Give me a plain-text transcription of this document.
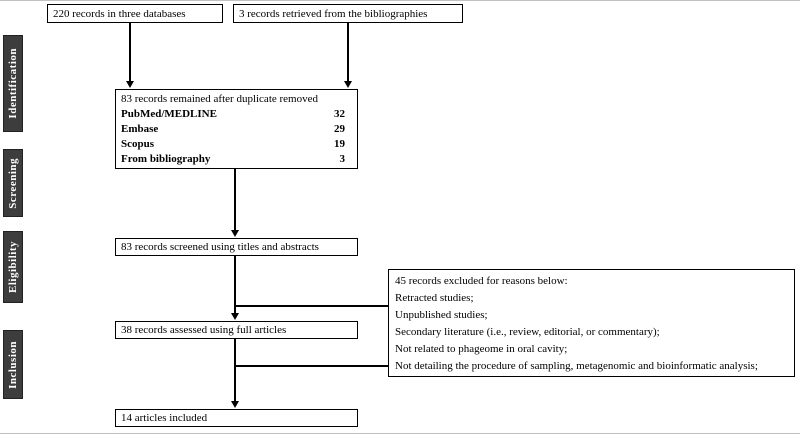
Identification
Screening
Eligibility
Inclusion
220 records in three databases	3 records retrieved from the bibliographies
83 records remained after duplicate removed
PubMed/MEDLINE	32
Embase	29
Scopus	19
From bibliography	3
83 records screened using titles and abstracts
45 records excluded for reasons below:
Retracted studies;
Unpublished studies;
Secondary literature (i.e., review, editorial, or commentary);
Not related to phageome in oral cavity;
Not detailing the procedure of sampling, metagenomic and bioinformatic analysis;
38 records assessed using full articles
14 articles included
